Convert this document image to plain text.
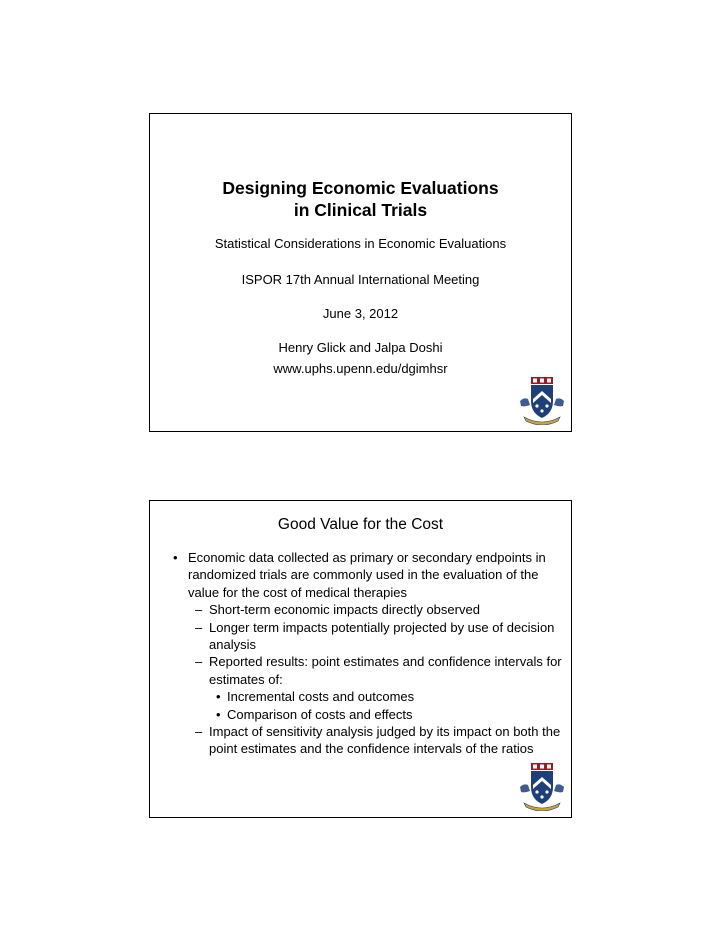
Designing Economic Evaluations
in Clinical Trials
Statistical Considerations in Economic Evaluations
ISPOR 17th Annual International Meeting
June 3, 2012
Henry Glick and Jalpa Doshi
www.uphs.upenn.edu/dgimhsr
Good Value for the Cost
• Economic data collected as primary or secondary endpoints in randomized trials are commonly used in the evaluation of the value for the cost of medical therapies
– Short-term economic impacts directly observed
– Longer term impacts potentially projected by use of decision analysis
– Reported results: point estimates and confidence intervals for estimates of:
• Incremental costs and outcomes
• Comparison of costs and effects
– Impact of sensitivity analysis judged by its impact on both the point estimates and the confidence intervals of the ratios
